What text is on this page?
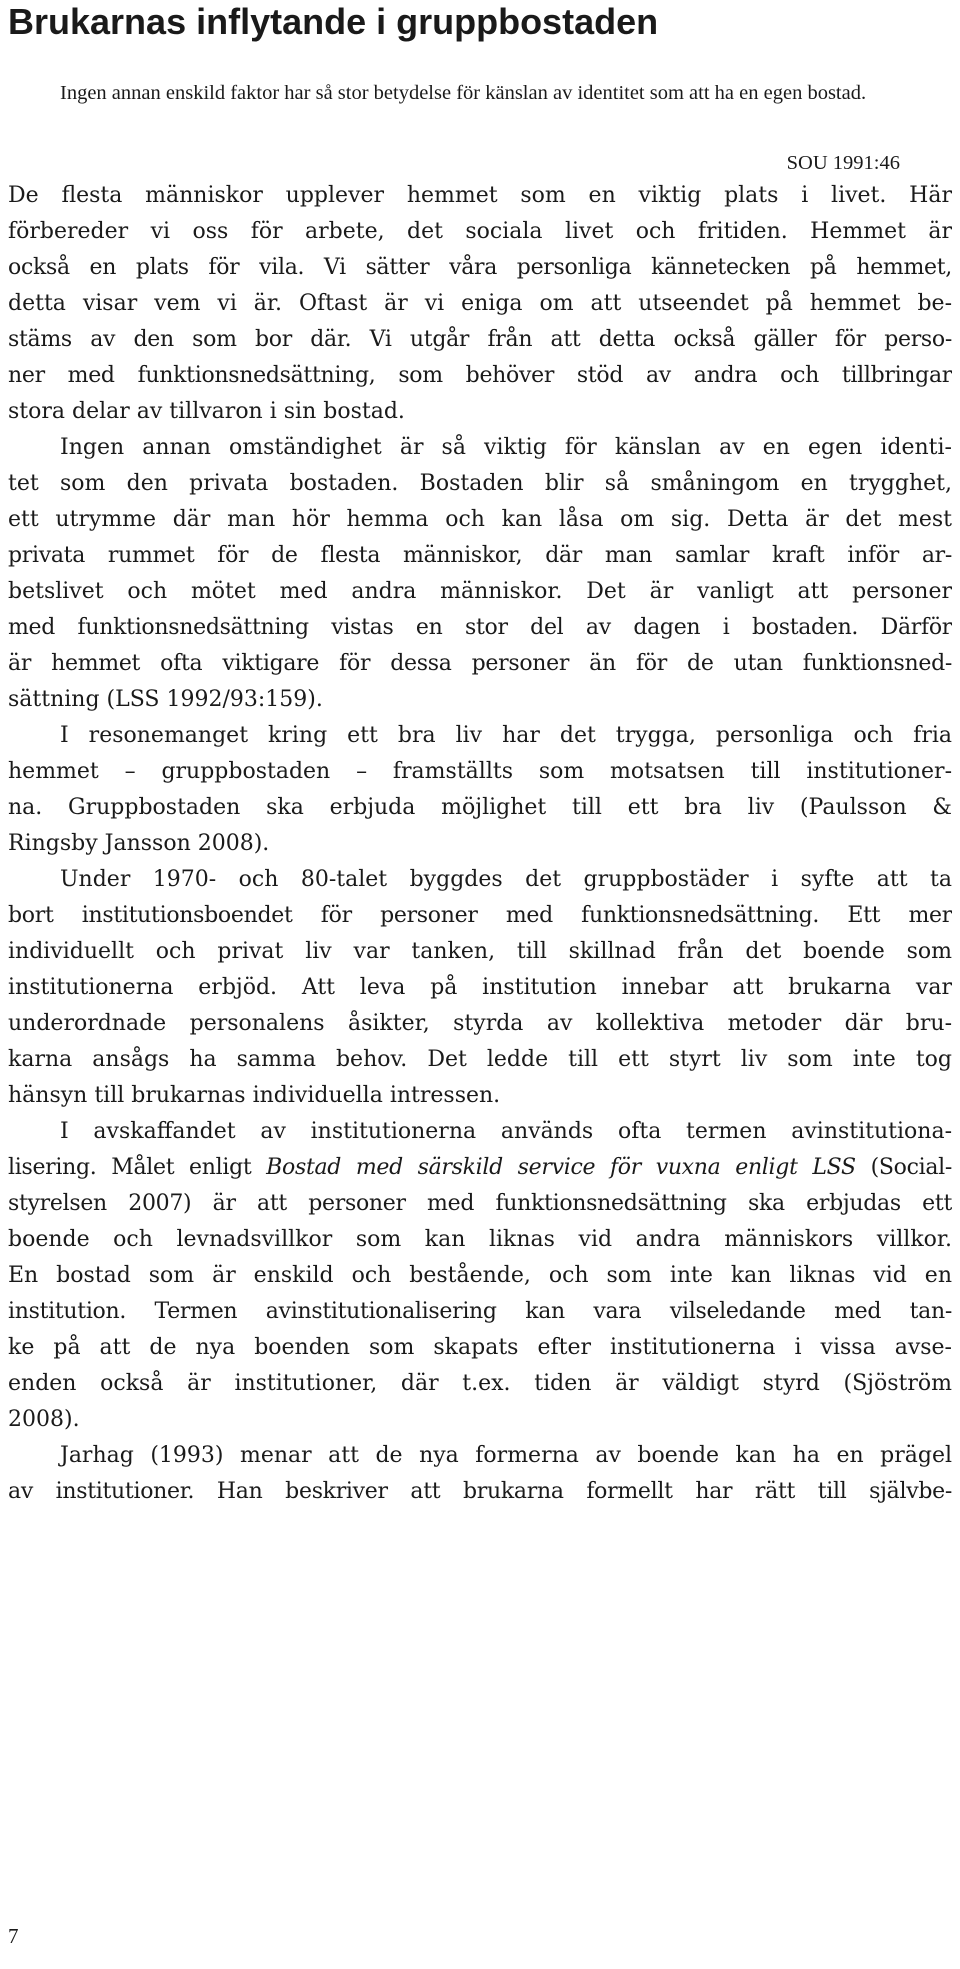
Brukarnas inflytande i gruppbostaden
Ingen annan enskild faktor har så stor betydelse för känslan av identitet som att ha en egen bostad.
SOU 1991:46

De flesta människor upplever hemmet som en viktig plats i livet. Här

förbereder vi oss för arbete, det sociala livet och fritiden. Hemmet är

också en plats för vila. Vi sätter våra personliga kännetecken på hemmet,

detta visar vem vi är. Oftast är vi eniga om att utseendet på hemmet be-

stäms av den som bor där. Vi utgår från att detta också gäller för perso-

ner med funktionsnedsättning, som behöver stöd av andra och tillbringar

stora delar av tillvaron i sin bostad.

Ingen annan omständighet är så viktig för känslan av en egen identi-

tet som den privata bostaden. Bostaden blir så småningom en trygghet,

ett utrymme där man hör hemma och kan låsa om sig. Detta är det mest

privata rummet för de flesta människor, där man samlar kraft inför ar-

betslivet och mötet med andra människor. Det är vanligt att personer

med funktionsnedsättning vistas en stor del av dagen i bostaden. Därför

är hemmet ofta viktigare för dessa personer än för de utan funktionsned-

sättning (LSS 1992/93:159).

I resonemanget kring ett bra liv har det trygga, personliga och fria

hemmet – gruppbostaden – framställts som motsatsen till institutioner-

na. Gruppbostaden ska erbjuda möjlighet till ett bra liv (Paulsson &

Ringsby Jansson 2008).

Under 1970- och 80-talet byggdes det gruppbostäder i syfte att ta

bort institutionsboendet för personer med funktionsnedsättning. Ett mer

individuellt och privat liv var tanken, till skillnad från det boende som

institutionerna erbjöd. Att leva på institution innebar att brukarna var

underordnade personalens åsikter, styrda av kollektiva metoder där bru-

karna ansågs ha samma behov. Det ledde till ett styrt liv som inte tog

hänsyn till brukarnas individuella intressen.

I avskaffandet av institutionerna används ofta termen avinstitutiona-

lisering. Målet enligt Bostad med särskild service för vuxna enligt LSS (Social-

styrelsen 2007) är att personer med funktionsnedsättning ska erbjudas ett

boende och levnadsvillkor som kan liknas vid andra människors villkor.

En bostad som är enskild och bestående, och som inte kan liknas vid en

institution. Termen avinstitutionalisering kan vara vilseledande med tan-

ke på att de nya boenden som skapats efter institutionerna i vissa avse-

enden också är institutioner, där t.ex. tiden är väldigt styrd (Sjöström

2008).

Jarhag (1993) menar att de nya formerna av boende kan ha en prägel

av institutioner. Han beskriver att brukarna formellt har rätt till självbe-

7
